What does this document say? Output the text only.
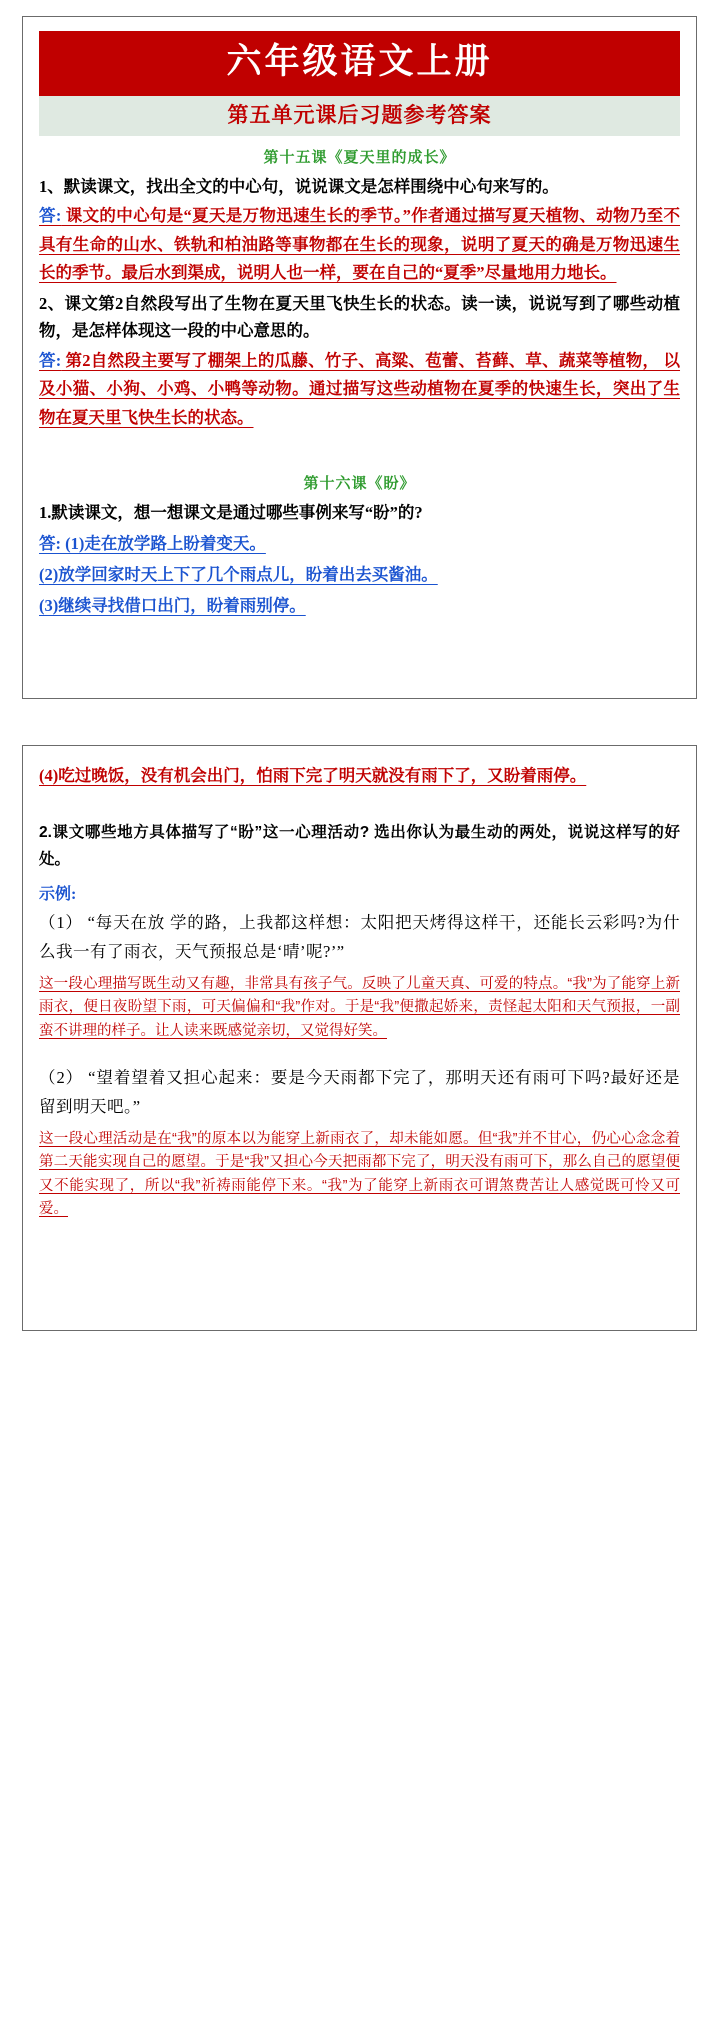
六年级语文上册
第五单元课后习题参考答案
第十五课《夏天里的成长》
1、默读课文，找出全文的中心句，说说课文是怎样围绕中心句来写的。
答: 课文的中心句是“夏天是万物迅速生长的季节。”作者通过描写夏天植物、动物乃至不具有生命的山水、铁轨和柏油路等事物都在生长的现象，说明了夏天的确是万物迅速生长的季节。最后水到渠成，说明人也一样，要在自己的“夏季”尽量地用力地长。
2、课文第2自然段写出了生物在夏天里飞快生长的状态。读一读，说说写到了哪些动植物，是怎样体现这一段的中心意思的。
答: 第2自然段主要写了棚架上的瓜藤、竹子、高粱、苞蕾、苔藓、草、蔬菜等植物， 以及小猫、小狗、小鸡、小鸭等动物。通过描写这些动植物在夏季的快速生长，突出了生物在夏天里飞快生长的状态。
第十六课《盼》
1.默读课文，想一想课文是通过哪些事例来写“盼”的?
答: (1)走在放学路上盼着变天。
(2)放学回家时天上下了几个雨点儿，盼着出去买酱油。
(3)继续寻找借口出门，盼着雨别停。
(4)吃过晚饭，没有机会出门，怕雨下完了明天就没有雨下了，又盼着雨停。
2.课文哪些地方具体描写了“盼”这一心理活动? 选出你认为最生动的两处，说说这样写的好处。
示例:
（1） “每天在放 学的路，上我都这样想：太阳把天烤得这样干，还能长云彩吗?为什么我一有了雨衣，天气预报总是‘晴’呢?’”
这一段心理描写既生动又有趣，非常具有孩子气。反映了儿童天真、可爱的特点。“我”为了能穿上新雨衣，便日夜盼望下雨，可天偏偏和“我”作对。于是“我”便撒起娇来，责怪起太阳和天气预报，一副蛮不讲理的样子。让人读来既感觉亲切，又觉得好笑。
（2） “望着望着又担心起来：要是今天雨都下完了，那明天还有雨可下吗?最好还是留到明天吧。”
这一段心理活动是在“我”的原本以为能穿上新雨衣了，却未能如愿。但“我”并不甘心，仍心心念念着第二天能实现自己的愿望。于是“我”又担心今天把雨都下完了，明天没有雨可下，那么自己的愿望便又不能实现了，所以“我”祈祷雨能停下来。“我”为了能穿上新雨衣可谓煞费苦让人感觉既可怜又可爱。
